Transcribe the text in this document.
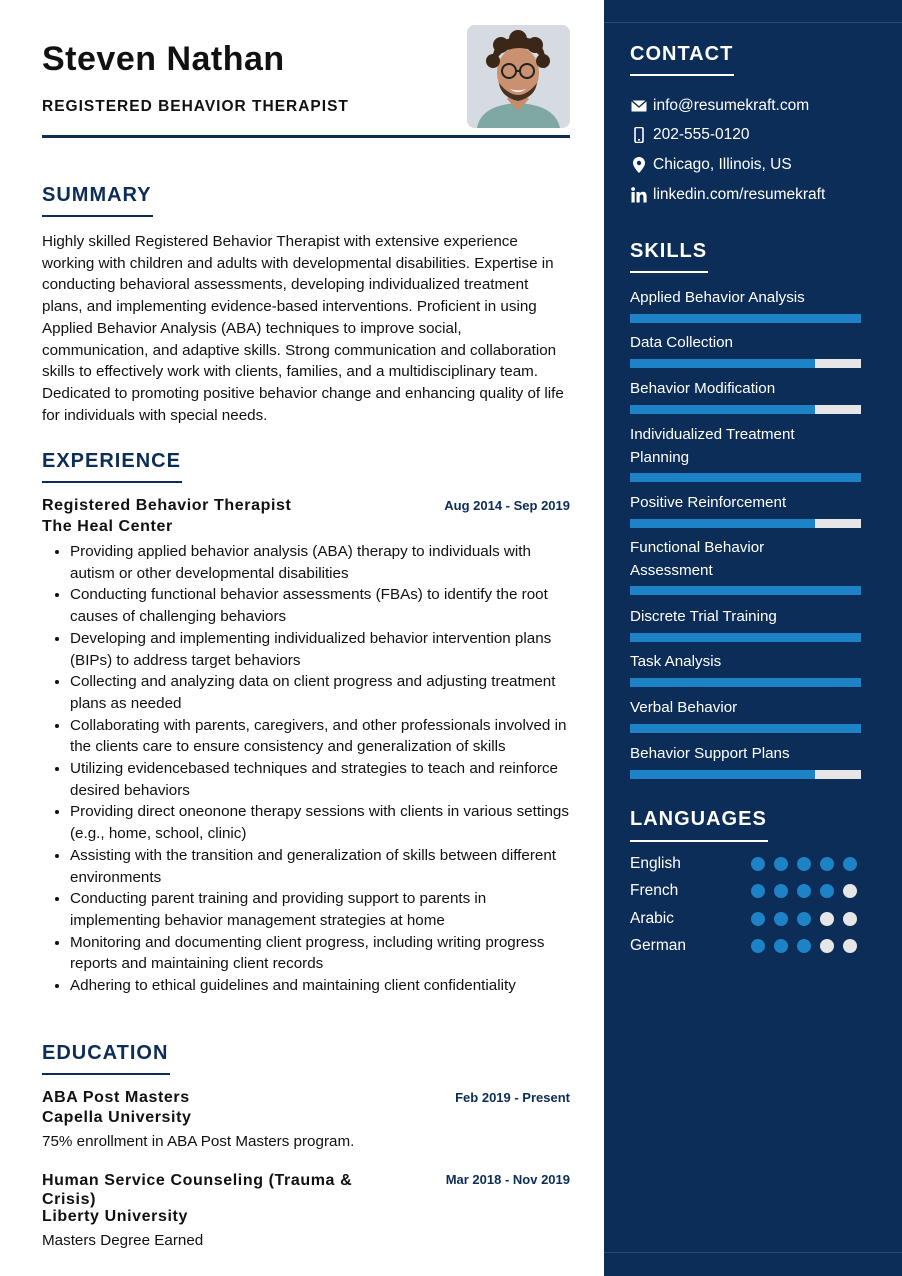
Steven Nathan
REGISTERED BEHAVIOR THERAPIST
SUMMARY
Highly skilled Registered Behavior Therapist with extensive experience working with children and adults with developmental disabilities. Expertise in conducting behavioral assessments, developing individualized treatment plans, and implementing evidence-based interventions. Proficient in using Applied Behavior Analysis (ABA) techniques to improve social, communication, and adaptive skills. Strong communication and collaboration skills to effectively work with clients, families, and a multidisciplinary team. Dedicated to promoting positive behavior change and enhancing quality of life for individuals with special needs.
EXPERIENCE
Registered Behavior Therapist	Aug 2014 - Sep 2019
The Heal Center
• Providing applied behavior analysis (ABA) therapy to individuals with autism or other developmental disabilities
• Conducting functional behavior assessments (FBAs) to identify the root causes of challenging behaviors
• Developing and implementing individualized behavior intervention plans (BIPs) to address target behaviors
• Collecting and analyzing data on client progress and adjusting treatment plans as needed
• Collaborating with parents, caregivers, and other professionals involved in the clients care to ensure consistency and generalization of skills
• Utilizing evidencebased techniques and strategies to teach and reinforce desired behaviors
• Providing direct oneonone therapy sessions with clients in various settings (e.g., home, school, clinic)
• Assisting with the transition and generalization of skills between different environments
• Conducting parent training and providing support to parents in implementing behavior management strategies at home
• Monitoring and documenting client progress, including writing progress reports and maintaining client records
• Adhering to ethical guidelines and maintaining client confidentiality
EDUCATION
ABA Post Masters	Feb 2019 - Present
Capella University
75% enrollment in ABA Post Masters program.
Human Service Counseling (Trauma & Crisis)
Mar 2018 - Nov 2019
Liberty University
Masters Degree Earned
CONTACT
info@resumekraft.com
202-555-0120
Chicago, Illinois, US
linkedin.com/resumekraft
SKILLS
Applied Behavior Analysis
Data Collection
Behavior Modification
Individualized Treatment Planning
Positive Reinforcement
Functional Behavior Assessment
Discrete Trial Training
Task Analysis
Verbal Behavior
Behavior Support Plans
LANGUAGES
English
French
Arabic
German
